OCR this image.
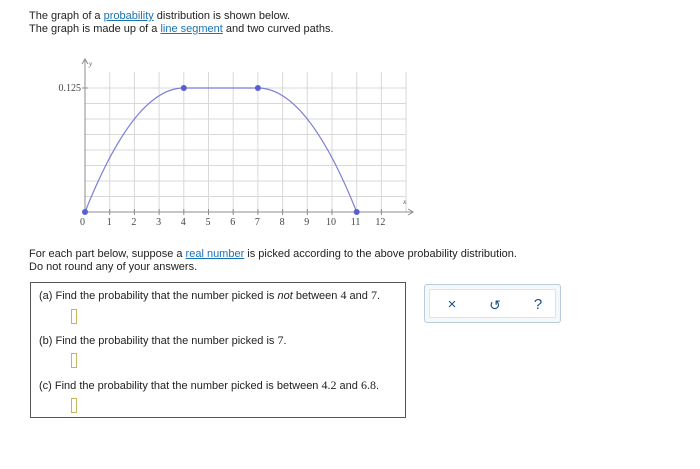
The graph of a probability distribution is shown below.

The graph is made up of a line segment and two curved paths.

0.125
x
y
0 1 2 3 4 5 6 7 8 9 10 11 12

For each part below, suppose a real number is picked according to the above probability distribution.

Do not round any of your answers.

(a) Find the probability that the number picked is not between 4 and 7.
(b) Find the probability that the number picked is 7.
(c) Find the probability that the number picked is between 4.2 and 6.8.
×	↺	?
